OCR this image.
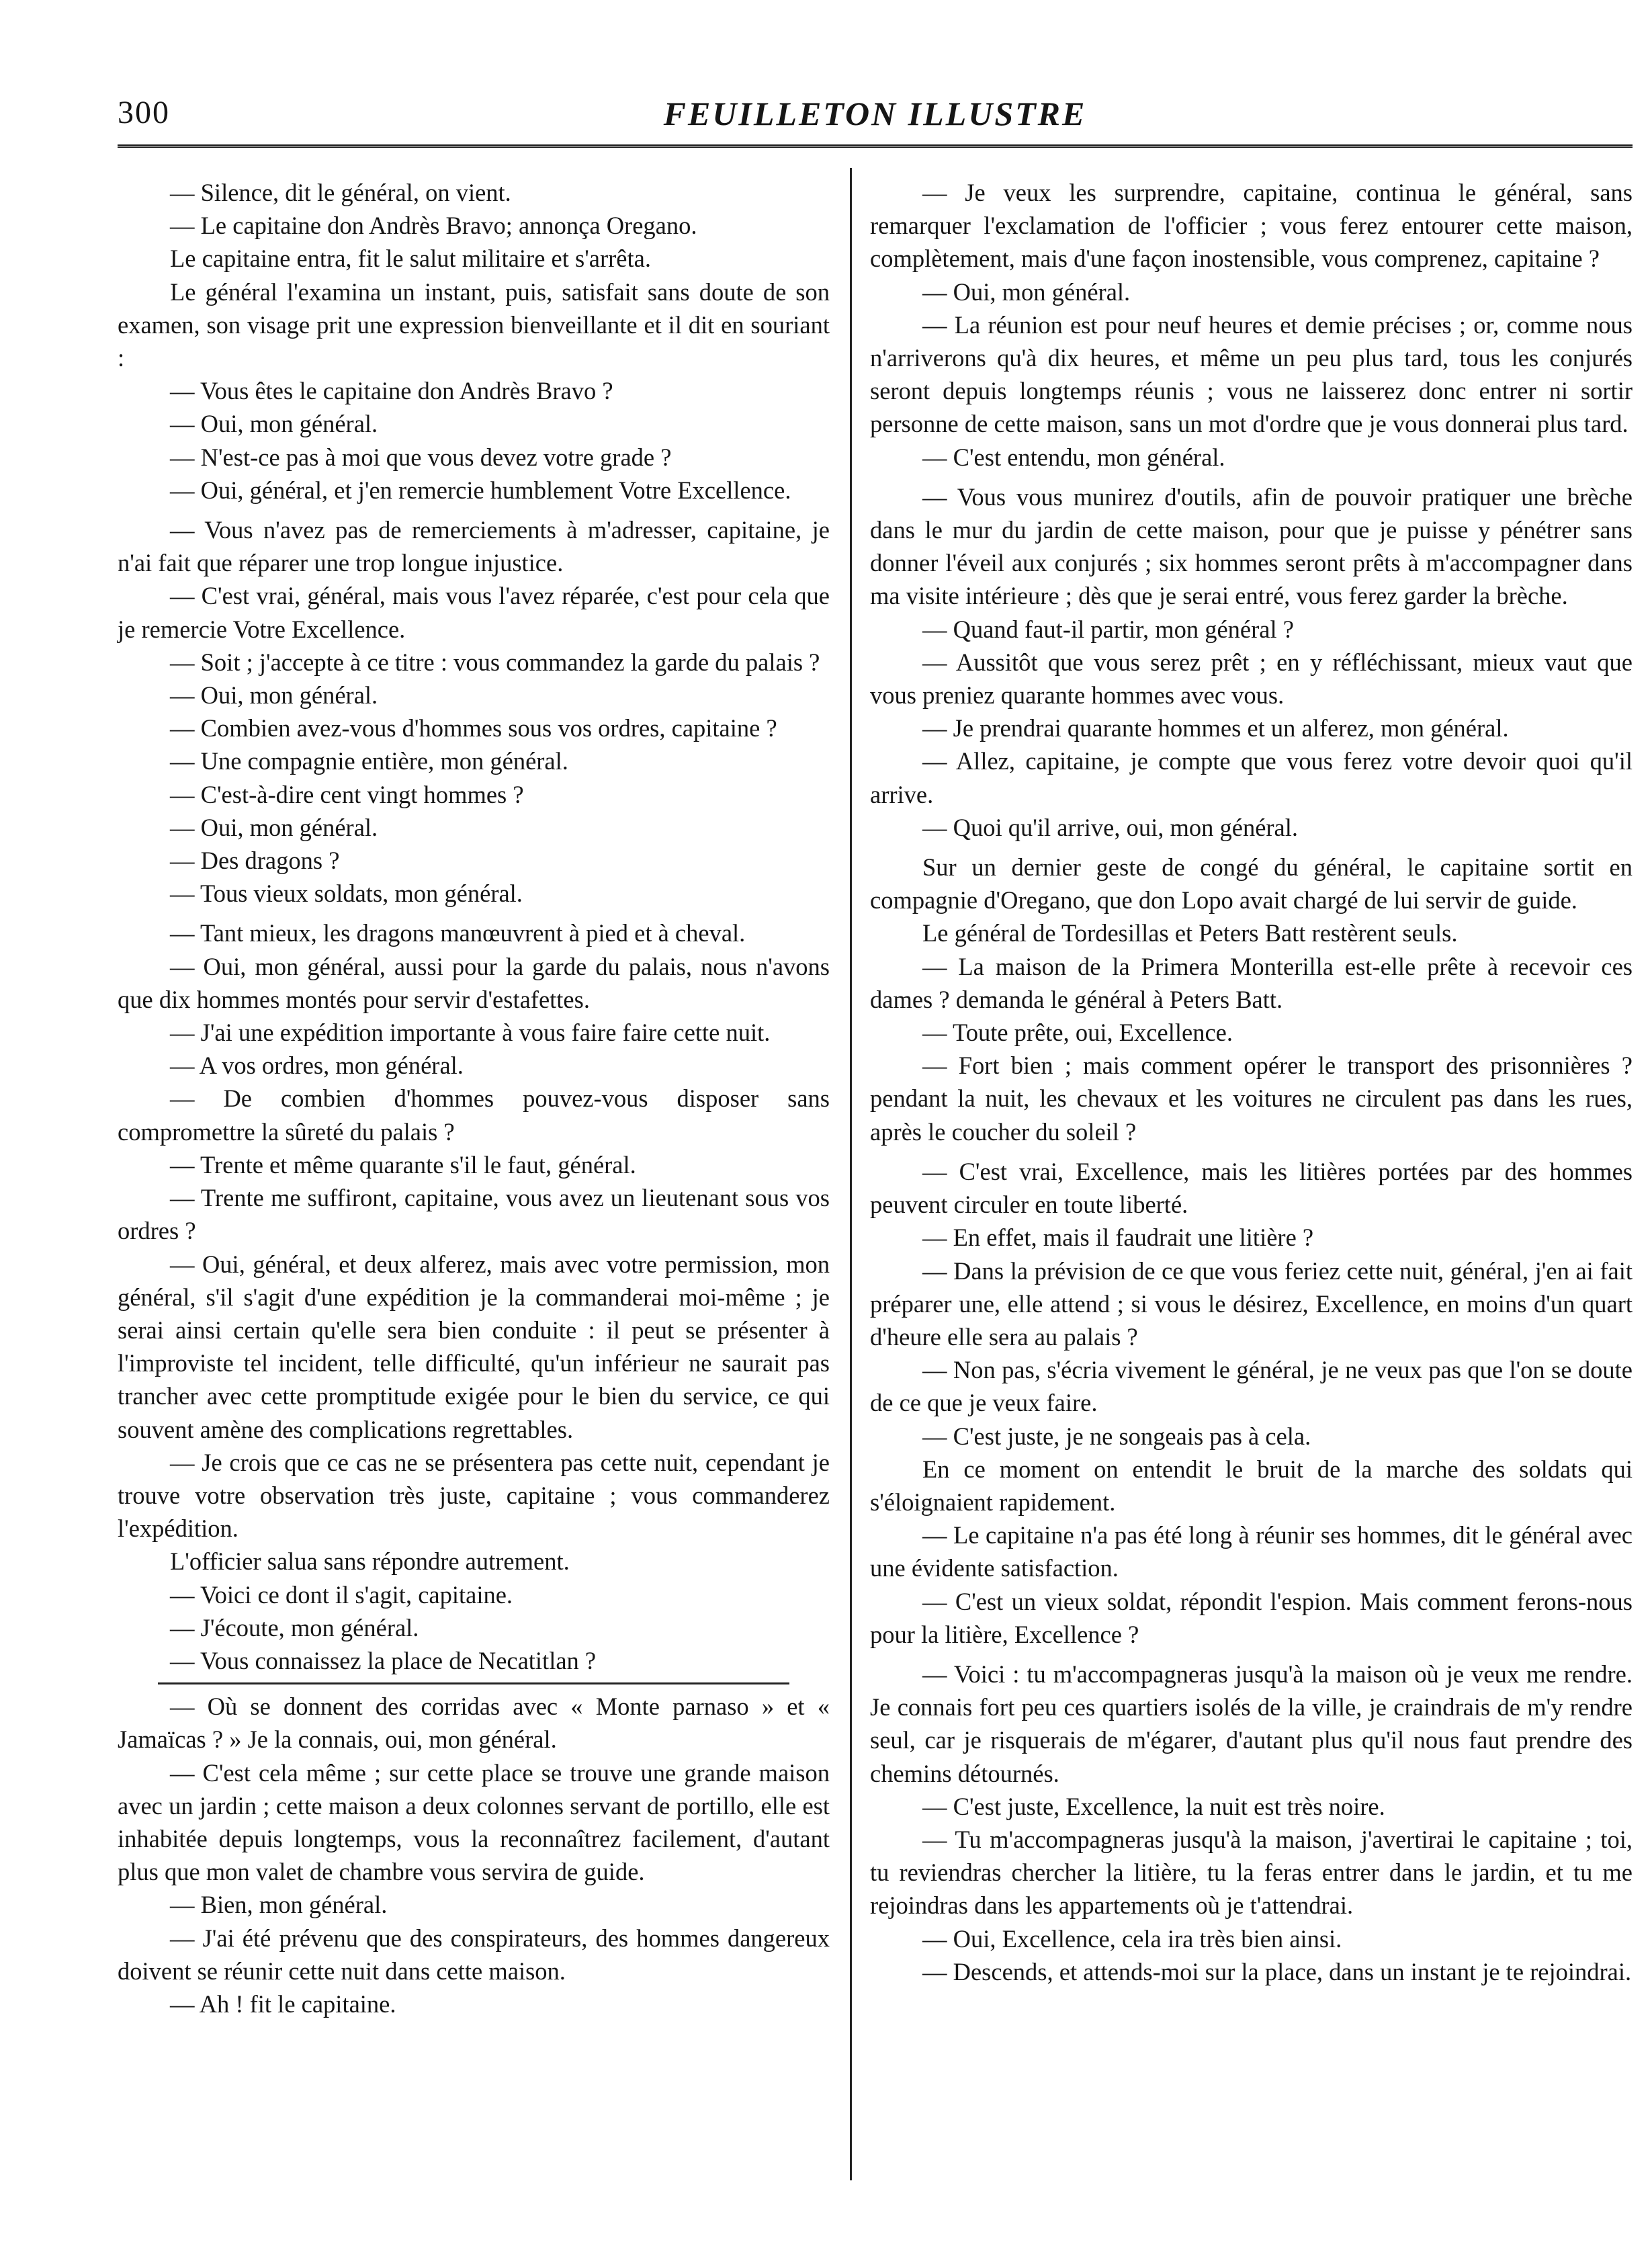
300	FEUILLETON ILLUSTRE

— Silence, dit le général, on vient.

— Le capitaine don Andrès Bravo; annonça Oregano.

Le capitaine entra, fit le salut militaire et s'arrêta.

Le général l'examina un instant, puis, satisfait sans doute de son examen, son visage prit une expression bienveillante et il dit en souriant :

— Vous êtes le capitaine don Andrès Bravo ?

— Oui, mon général.

— N'est-ce pas à moi que vous devez votre grade ?

— Oui, général, et j'en remercie humblement Votre Excellence.

— Vous n'avez pas de remerciements à m'adresser, capitaine, je n'ai fait que réparer une trop longue injustice.

— C'est vrai, général, mais vous l'avez réparée, c'est pour cela que je remercie Votre Excellence.

— Soit ; j'accepte à ce titre : vous commandez la garde du palais ?

— Oui, mon général.

— Combien avez-vous d'hommes sous vos ordres, capitaine ?

— Une compagnie entière, mon général.

— C'est-à-dire cent vingt hommes ?

— Oui, mon général.

— Des dragons ?

— Tous vieux soldats, mon général.

— Tant mieux, les dragons manœuvrent à pied et à cheval.

— Oui, mon général, aussi pour la garde du palais, nous n'avons que dix hommes montés pour servir d'estafettes.

— J'ai une expédition importante à vous faire faire cette nuit.

— A vos ordres, mon général.

— De combien d'hommes pouvez-vous disposer sans compromettre la sûreté du palais ?

— Trente et même quarante s'il le faut, général.

— Trente me suffiront, capitaine, vous avez un lieutenant sous vos ordres ?

— Oui, général, et deux alferez, mais avec votre permission, mon général, s'il s'agit d'une expédition je la commanderai moi-même ; je serai ainsi certain qu'elle sera bien conduite : il peut se présenter à l'improviste tel incident, telle difficulté, qu'un inférieur ne saurait pas trancher avec cette promptitude exigée pour le bien du service, ce qui souvent amène des complications regrettables.

— Je crois que ce cas ne se présentera pas cette nuit, cependant je trouve votre observation très juste, capitaine ; vous commanderez l'expédition.

L'officier salua sans répondre autrement.

— Voici ce dont il s'agit, capitaine.

— J'écoute, mon général.

— Vous connaissez la place de Necatitlan ?

— Où se donnent des corridas avec « Monte parnaso » et « Jamaïcas ? » Je la connais, oui, mon général.

— C'est cela même ; sur cette place se trouve une grande maison avec un jardin ; cette maison a deux colonnes servant de portillo, elle est inhabitée depuis longtemps, vous la reconnaîtrez facilement, d'autant plus que mon valet de chambre vous servira de guide.

— Bien, mon général.

— J'ai été prévenu que des conspirateurs, des hommes dangereux doivent se réunir cette nuit dans cette maison.

— Ah ! fit le capitaine.

— Je veux les surprendre, capitaine, continua le général, sans remarquer l'exclamation de l'officier ; vous ferez entourer cette maison, complètement, mais d'une façon inostensible, vous comprenez, capitaine ?

— Oui, mon général.

— La réunion est pour neuf heures et demie précises ; or, comme nous n'arriverons qu'à dix heures, et même un peu plus tard, tous les conjurés seront depuis longtemps réunis ; vous ne laisserez donc entrer ni sortir personne de cette maison, sans un mot d'ordre que je vous donnerai plus tard.

— C'est entendu, mon général.

— Vous vous munirez d'outils, afin de pouvoir pratiquer une brèche dans le mur du jardin de cette maison, pour que je puisse y pénétrer sans donner l'éveil aux conjurés ; six hommes seront prêts à m'accompagner dans ma visite intérieure ; dès que je serai entré, vous ferez garder la brèche.

— Quand faut-il partir, mon général ?

— Aussitôt que vous serez prêt ; en y réfléchissant, mieux vaut que vous preniez quarante hommes avec vous.

— Je prendrai quarante hommes et un alferez, mon général.

— Allez, capitaine, je compte que vous ferez votre devoir quoi qu'il arrive.

— Quoi qu'il arrive, oui, mon général.

Sur un dernier geste de congé du général, le capitaine sortit en compagnie d'Oregano, que don Lopo avait chargé de lui servir de guide.

Le général de Tordesillas et Peters Batt restèrent seuls.

— La maison de la Primera Monterilla est-elle prête à recevoir ces dames ? demanda le général à Peters Batt.

— Toute prête, oui, Excellence.

— Fort bien ; mais comment opérer le transport des prisonnières ? pendant la nuit, les chevaux et les voitures ne circulent pas dans les rues, après le coucher du soleil ?

— C'est vrai, Excellence, mais les litières portées par des hommes peuvent circuler en toute liberté.

— En effet, mais il faudrait une litière ?

— Dans la prévision de ce que vous feriez cette nuit, général, j'en ai fait préparer une, elle attend ; si vous le désirez, Excellence, en moins d'un quart d'heure elle sera au palais ?

— Non pas, s'écria vivement le général, je ne veux pas que l'on se doute de ce que je veux faire.

— C'est juste, je ne songeais pas à cela.

En ce moment on entendit le bruit de la marche des soldats qui s'éloignaient rapidement.

— Le capitaine n'a pas été long à réunir ses hommes, dit le général avec une évidente satisfaction.

— C'est un vieux soldat, répondit l'espion. Mais comment ferons-nous pour la litière, Excellence ?

— Voici : tu m'accompagneras jusqu'à la maison où je veux me rendre. Je connais fort peu ces quartiers isolés de la ville, je craindrais de m'y rendre seul, car je risquerais de m'égarer, d'autant plus qu'il nous faut prendre des chemins détournés.

— C'est juste, Excellence, la nuit est très noire.

— Tu m'accompagneras jusqu'à la maison, j'avertirai le capitaine ; toi, tu reviendras chercher la litière, tu la feras entrer dans le jardin, et tu me rejoindras dans les appartements où je t'attendrai.

— Oui, Excellence, cela ira très bien ainsi.

— Descends, et attends-moi sur la place, dans un instant je te rejoindrai.
